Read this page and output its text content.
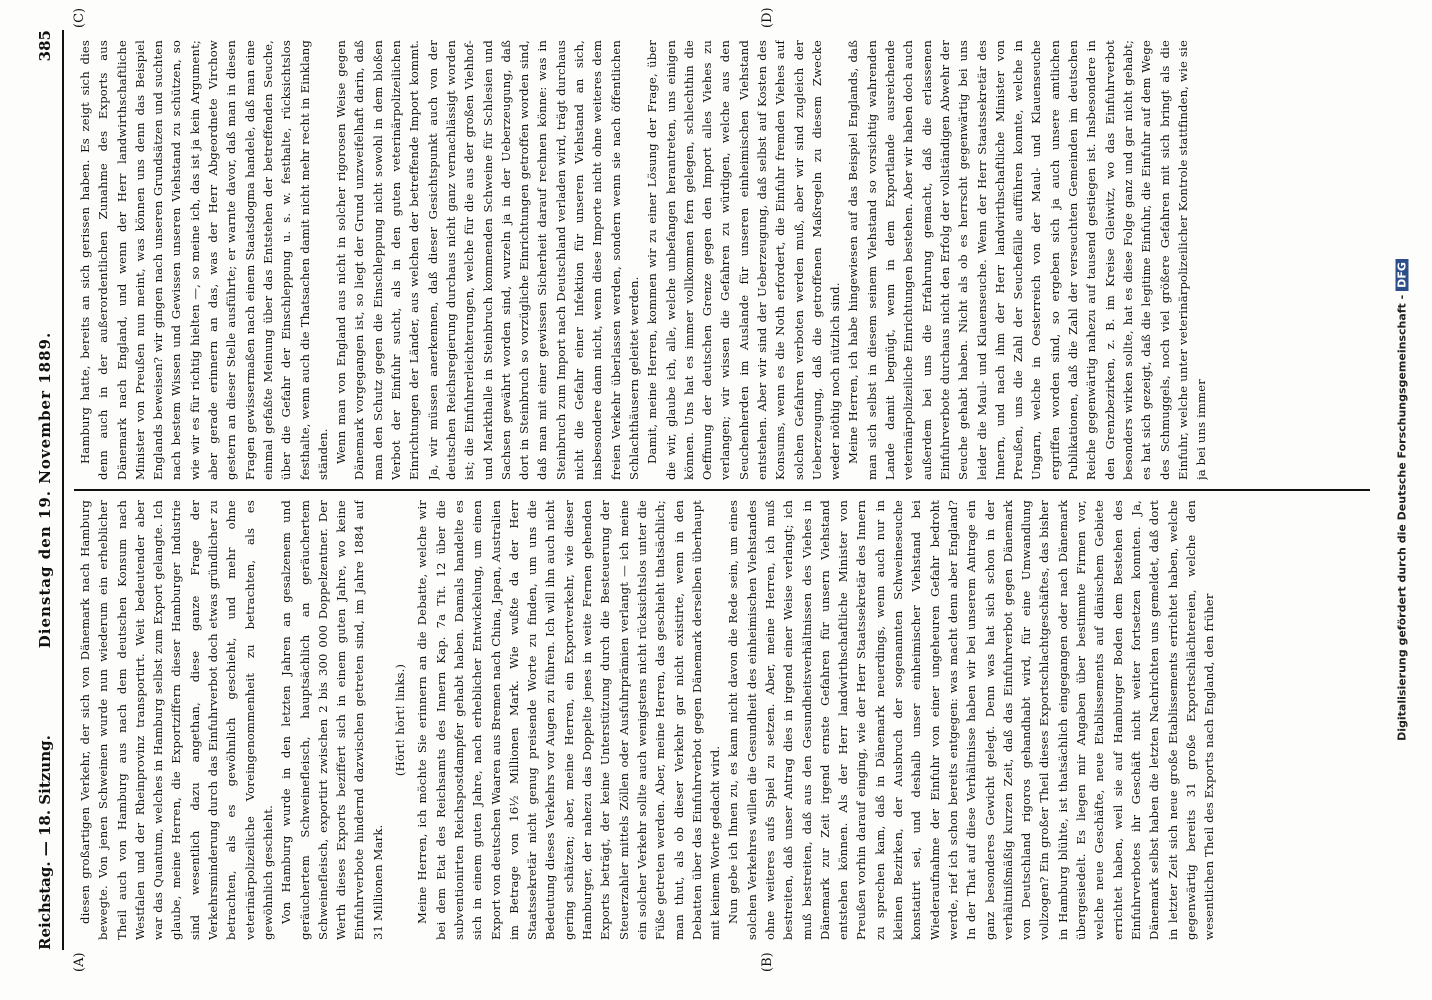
Reichstag. — 18. Sitzung.
Dienstag den 19. November 1889.
385
(A)	(B)
(C)	(D)

diesen großartigen Verkehr, der sich von Dänemark nach Hamburg bewegte. Von jenen Schweinen wurde nun wiederum ein erheblicher Theil auch von Hamburg aus nach dem deutschen Konsum nach Westfalen und der Rheinprovinz transportirt. Weit bedeutender aber war das Quantum, welches in Hamburg selbst zum Export gelangte. Ich glaube, meine Herren, die Exportziffern dieser Hamburger Industrie sind wesentlich dazu angethan, diese ganze Frage der Verkehrsminderung durch das Einfuhrverbot doch etwas gründlicher zu betrachten, als es gewöhnlich geschieht, und mehr ohne veterinärpolizeiliche Voreingenommenheit zu betrachten, als es gewöhnlich geschieht. Von Hamburg wurde in den letzten Jahren an gesalzenem und geräuchertem Schweinefleisch, hauptsächlich an geräuchertem Schweinefleisch, exportirt zwischen 2 bis 300 000 Doppelzentner. Der Werth dieses Exports beziffert sich in einem guten Jahre, wo keine Einfuhrverbote hindernd dazwischen getreten sind, im Jahre 1884 auf 31 Millionen Mark.

(Hört! hört! links.) Meine Herren, ich möchte Sie erinnern an die Debatte, welche wir bei dem Etat des Reichsamts des Innern Kap. 7a Tit. 12 über die subventionirten Reichspostdampfer gehabt haben. Damals handelte es sich in einem guten Jahre, nach erheblicher Entwickelung, um einen Export von deutschen Waaren aus Bremen nach China, Japan, Australien im Betrage von 16½ Millionen Mark. Wie wußte da der Herr Staatssekretär nicht genug preisende Worte zu finden, um uns die Bedeutung dieses Verkehrs vor Augen zu führen. Ich will ihn auch nicht gering schätzen; aber, meine Herren, ein Exportverkehr, wie dieser Hamburger, der nahezu das Doppelte jenes in weite Fernen gehenden Exports beträgt, der keine Unterstützung durch die Besteuerung der Steuerzahler mittels Zöllen oder Ausfuhrprämien verlangt — ich meine ein solcher Verkehr sollte auch wenigstens nicht rücksichtslos unter die Füße getreten werden. Aber, meine Herren, das geschieht thatsächlich; man thut, als ob dieser Verkehr gar nicht existirte, wenn in den Debatten über das Einfuhrverbot gegen Dänemark derselben überhaupt mit keinem Worte gedacht wird. Nun gebe ich Ihnen zu, es kann nicht davon die Rede sein, um eines solchen Verkehres willen die Gesundheit des einheimischen Viehstandes ohne weiteres aufs Spiel zu setzen. Aber, meine Herren, ich muß bestreiten, daß unser Antrag dies in irgend einer Weise verlangt; ich muß bestreiten, daß aus den Gesundheitsverhältnissen des Viehes in Dänemark zur Zeit irgend ernste Gefahren für unsern Viehstand entstehen können. Als der Herr landwirthschaftliche Minister von Preußen vorhin darauf einging, wie der Herr Staatssekretär des Innern zu sprechen kam, daß in Dänemark neuerdings, wenn auch nur in kleinen Bezirken, der Ausbruch der sogenannten Schweineseuche konstatirt sei, und deshalb unser einheimischer Viehstand bei Wiederaufnahme der Einfuhr von einer ungeheuren Gefahr bedroht werde, rief ich schon bereits entgegen: was macht denn aber England? In der That auf diese Verhältnisse haben wir bei unserem Antrage ein ganz besonderes Gewicht gelegt. Denn was hat sich schon in der verhältnißmäßig kurzen Zeit, daß das Einfuhrverbot gegen Dänemark von Deutschland rigoros gehandhabt wird, für eine Umwandlung vollzogen? Ein großer Theil dieses Exportschlachtgeschäftes, das bisher in Hamburg blühte, ist thatsächlich eingegangen oder nach Dänemark übergesiedelt. Es liegen mir Angaben über bestimmte Firmen vor, welche neue Geschäfte, neue Etablissements auf dänischem Gebiete errichtet haben, weil sie auf Hamburger Boden dem Bestehen des Einfuhrverbotes ihr Geschäft nicht weiter fortsetzen konnten. Ja, Dänemark selbst haben die letzten Nachrichten uns gemeldet, daß dort in letzter Zeit sich neue große Etablissements errichtet haben, welche gegenwärtig bereits 31 große Exportschlächtereien, welche den wesentlichen Theil des Exports nach England, den früher

Hamburg hatte, bereits an sich gerissen haben. Es zeigt sich dies denn auch in der außerordentlichen Zunahme des Exports aus Dänemark nach England, und wenn der Herr landwirthschaftliche Minister von Preußen nun meint, was können uns denn das Beispiel Englands beweisen? wir gingen nach unseren Grundsätzen und suchten nach bestem Wissen und Gewissen unseren Viehstand zu schützen, so wie wir es für richtig hielten —, so meine ich, das ist ja kein Argument; aber gerade erinnern an das, was der Herr Abgeordnete Virchow gestern an dieser Stelle ausführte; er warnte davor, daß man in diesen Fragen gewissermaßen nach einem Staatsdogma handele, daß man eine einmal gefaßte Meinung über das Entstehen der betreffenden Seuche, über die Gefahr der Einschleppung u. s. w. festhalte, rücksichtslos festhalte, wenn auch die Thatsachen damit nicht mehr recht in Einklang ständen. Wenn man von England aus nicht in solcher rigorosen Weise gegen Dänemark vorgegangen ist, so liegt der Grund unzweifelhaft darin, daß man den Schutz gegen die Einschleppung nicht sowohl in dem bloßen Verbot der Einfuhr sucht, als in den guten veterinärpolizeilichen Einrichtungen der Länder, aus welchen der betreffende Import kommt. Ja, wir müssen anerkennen, daß dieser Gesichtspunkt auch von der deutschen Reichsregierung durchaus nicht ganz vernachlässigt worden ist; die Einfuhrerleichterungen, welche für die aus der großen Viehhof- und Markthalle in Steinbruch kommenden Schweine für Schlesien und Sachsen gewährt worden sind, wurzeln ja in der Ueberzeugung, daß dort in Steinbruch so vorzügliche Einrichtungen getroffen worden sind, daß man mit einer gewissen Sicherheit darauf rechnen könne: was in Steinbruch zum Import nach Deutschland verladen wird, trägt durchaus nicht die Gefahr einer Infektion für unseren Viehstand an sich, insbesondere dann nicht, wenn diese Importe nicht ohne weiteres dem freien Verkehr überlassen werden, sondern wenn sie nach öffentlichen Schlachthäusern geleitet werden. Damit, meine Herren, kommen wir zu einer Lösung der Frage, über die wir, glaube ich, alle, welche unbefangen herantreten, uns einigen können. Uns hat es immer vollkommen fern gelegen, schlechthin die Oeffnung der deutschen Grenze gegen den Import alles Viehes zu verlangen; wir wissen die Gefahren zu würdigen, welche aus den Seuchenherden im Auslande für unseren einheimischen Viehstand entstehen. Aber wir sind der Ueberzeugung, daß selbst auf Kosten des Konsums, wenn es die Noth erfordert, die Einfuhr fremden Viehes auf solchen Gefahren verboten werden muß, aber wir sind zugleich der Ueberzeugung, daß die getroffenen Maßregeln zu diesem Zwecke weder nöthig noch nützlich sind. Meine Herren, ich habe hingewiesen auf das Beispiel Englands, daß man sich selbst in diesem seinem Viehstand so vorsichtig wahrenden Lande damit begnügt, wenn in dem Exportlande ausreichende veterinärpolizeiliche Einrichtungen bestehen. Aber wir haben doch auch außerdem bei uns die Erfahrung gemacht, daß die erlassenen Einfuhrverbote durchaus nicht den Erfolg der vollständigen Abwehr der Seuche gehabt haben. Nicht als ob es herrscht gegenwärtig bei uns leider die Maul- und Klauenseuche. Wenn der Herr Staatssekretär des Innern, und nach ihm der Herr landwirthschaftliche Minister von Preußen, uns die Zahl der Seuchefälle aufführen konnte, welche in Ungarn, welche in Oesterreich von der Maul- und Klauenseuche ergriffen worden sind, so ergeben sich ja auch unsere amtlichen Publikationen, daß die Zahl der verseuchten Gemeinden im deutschen Reiche gegenwärtig nahezu auf tausend gestiegen ist. Insbesondere in den Grenzbezirken, z. B. im Kreise Gleiwitz, wo das Einfuhrverbot besonders wirken sollte, hat es diese Folge ganz und gar nicht gehabt; es hat sich gezeigt, daß die legitime Einfuhr, die Einfuhr auf dem Wege des Schmuggels, noch viel größere Gefahren mit sich bringt als die Einfuhr, welche unter veterinärpolizeilicher Kontrole stattfinden, wie sie ja bei uns immer	Digitalisierung gefördert durch die Deutsche Forschungsgemeinschaft -DFG
